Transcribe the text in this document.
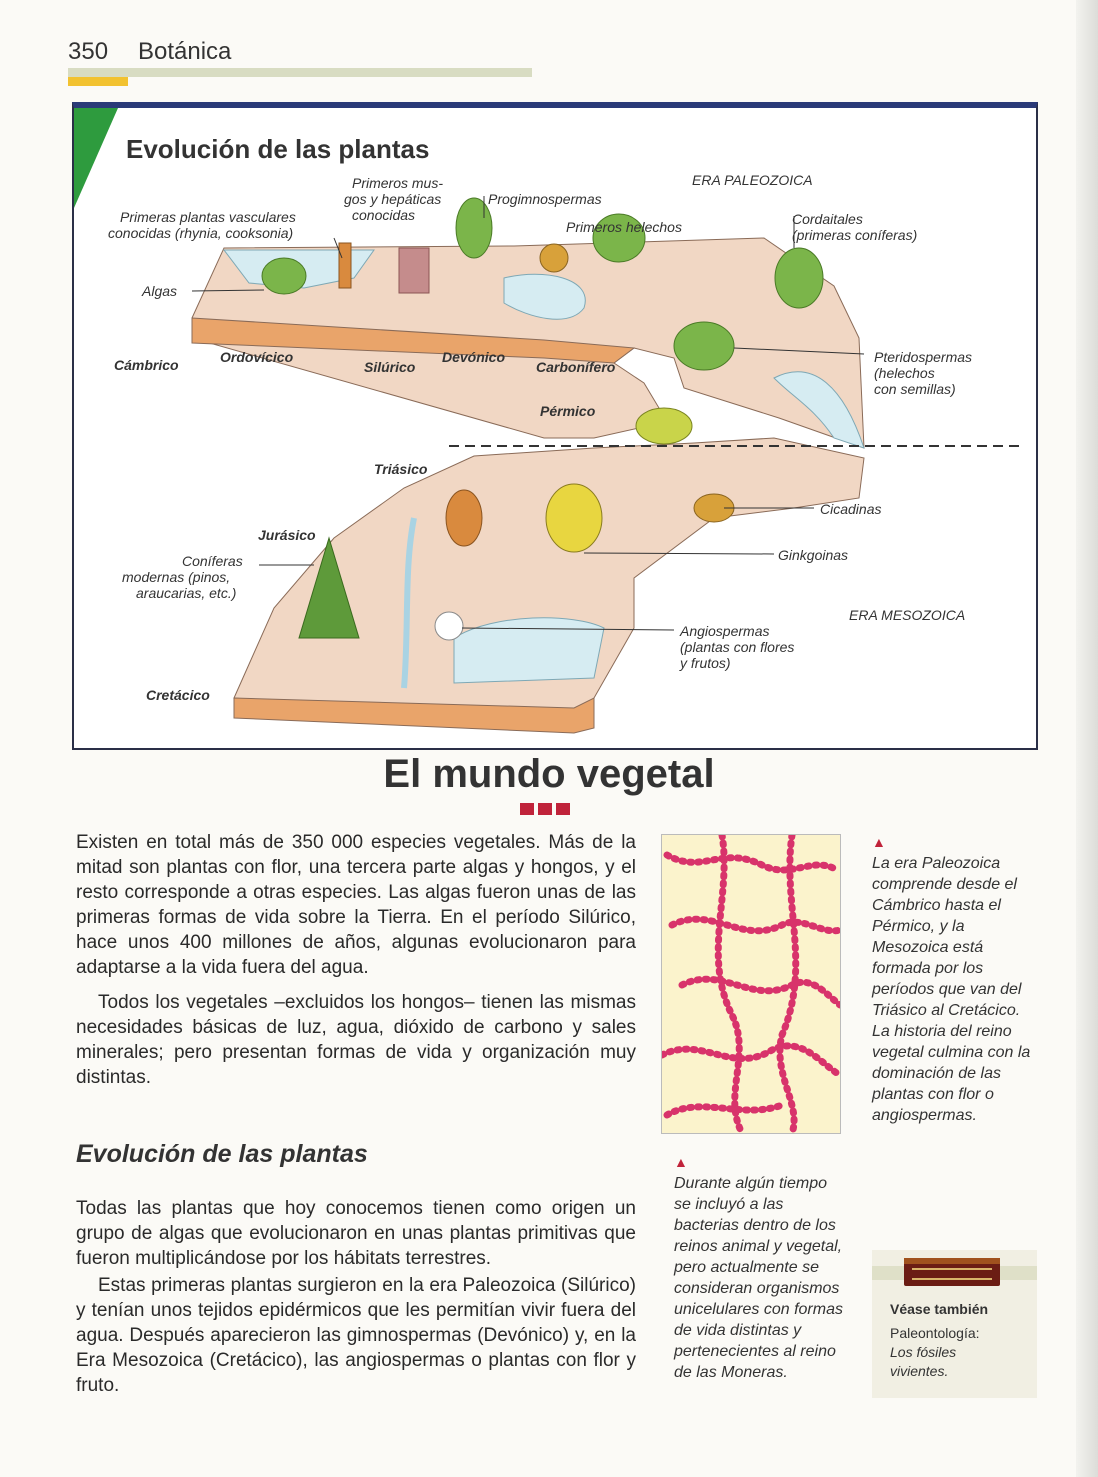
350 Botánica
ERA PALEOZOICA
ERA MESOZOICA
Primeras plantas vasculares
conocidas (rhynia, cooksonia)
Primeros mus-
gos y hepáticas
conocidas
Progimnospermas
Primeros helechos	Cordaitales
(primeras coníferas)
Algas
Pteridospermas
(helechos
con semillas)
Cicadinas
Ginkgoinas
Coníferas
modernas (pinos,
araucarias, etc.)
Angiospermas
(plantas con flores
y frutos)
Cámbrico	Ordovícico
Silúrico
Devónico
Carbonífero
Pérmico
Triásico
Jurásico
Cretácico
Evolución de las plantas
El mundo vegetal
Existen en total más de 350 000 especies vegetales. Más de la mitad son plantas con flor, una tercera parte algas y hongos, y el resto corresponde a otras especies. Las algas fueron unas de las primeras formas de vida sobre la Tierra. En el período Silúrico, hace unos 400 millones de años, algunas evolucionaron para adaptarse a la vida fuera del agua.
Todos los vegetales –excluidos los hongos– tienen las mismas necesidades básicas de luz, agua, dióxido de carbono y sales minerales; pero presentan formas de vida y organización muy distintas.
Evolución de las plantas
Todas las plantas que hoy conocemos tienen como origen un grupo de algas que evolucionaron en unas plantas primitivas que fueron multiplicándose por los hábitats terrestres.
Estas primeras plantas surgieron en la era Paleozoica (Silúrico) y tenían unos tejidos epidérmicos que les permitían vivir fuera del agua. Después aparecieron las gimnospermas (Devónico) y, en la Era Mesozoica (Cretácico), las angiospermas o plantas con flor y fruto.
▲
La era Paleozoica comprende desde el Cámbrico hasta el Pérmico, y la Mesozoica está formada por los períodos que van del Triásico al Cretácico. La historia del reino vegetal culmina con la dominación de las plantas con flor o angiospermas.
▲
Durante algún tiempo se incluyó a las bacterias dentro de los reinos animal y vegetal, pero actualmente se consideran organismos unicelulares con formas de vida distintas y pertenecientes al reino de las Moneras.
Véase también
Paleontología:
Los fósiles
vivientes.
